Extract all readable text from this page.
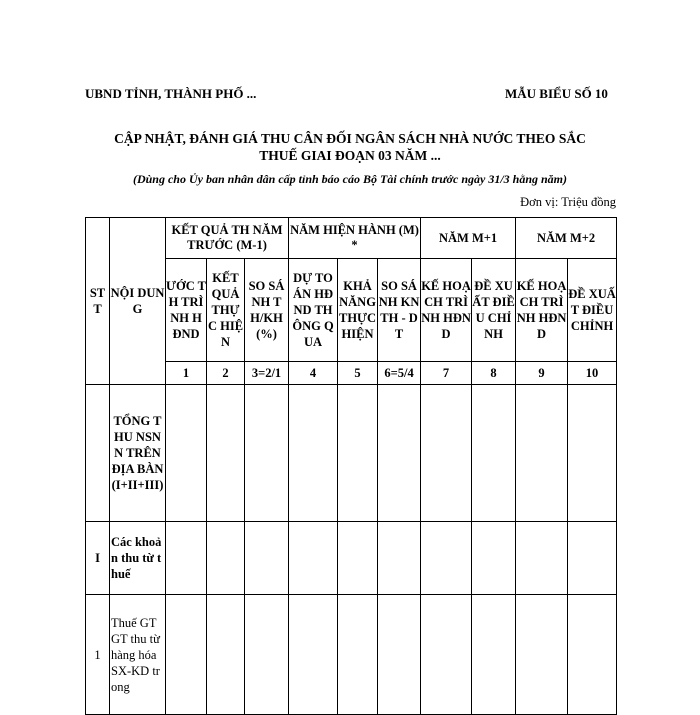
UBND TỈNH, THÀNH PHỐ ...	MẪU BIỂU SỐ 10
CẬP NHẬT, ĐÁNH GIÁ THU CÂN ĐỐI NGÂN SÁCH NHÀ NƯỚC THEO SẮC
THUẾ GIAI ĐOẠN 03 NĂM ...
(Dùng cho Ủy ban nhân dân cấp tỉnh báo cáo Bộ Tài chính trước ngày 31/3 hằng năm)
Đơn vị: Triệu đồng
STT	NỘI DUNG	KẾT QUẢ TH NĂM TRƯỚC (M-1)			NĂM HIỆN HÀNH (M)*			NĂM M+1		NĂM M+2	
		ƯỚC TH TRÌNH HĐND	KẾT QUẢ THỰC HIỆN	SO SÁNH TH/KH (%)	DỰ TOÁN HĐND THÔNG QUA	KHẢ NĂNG THỰC HIỆN	SO SÁNH KNTH - DT	KẾ HOẠCH TRÌNH HĐND	ĐỀ XUẤT ĐIỀU CHỈNH	KẾ HOẠCH TRÌNH HĐND	ĐỀ XUẤT ĐIỀU CHỈNH
		1	2	3=2/1	4	5	6=5/4	7	8	9	10
	TỔNG THU NSNN TRÊN ĐỊA BÀN (I+II+III)										
I	Các khoản thu từ thuế										
1	Thuế GTGT thu từ hàng hóa SX-KD trong										
